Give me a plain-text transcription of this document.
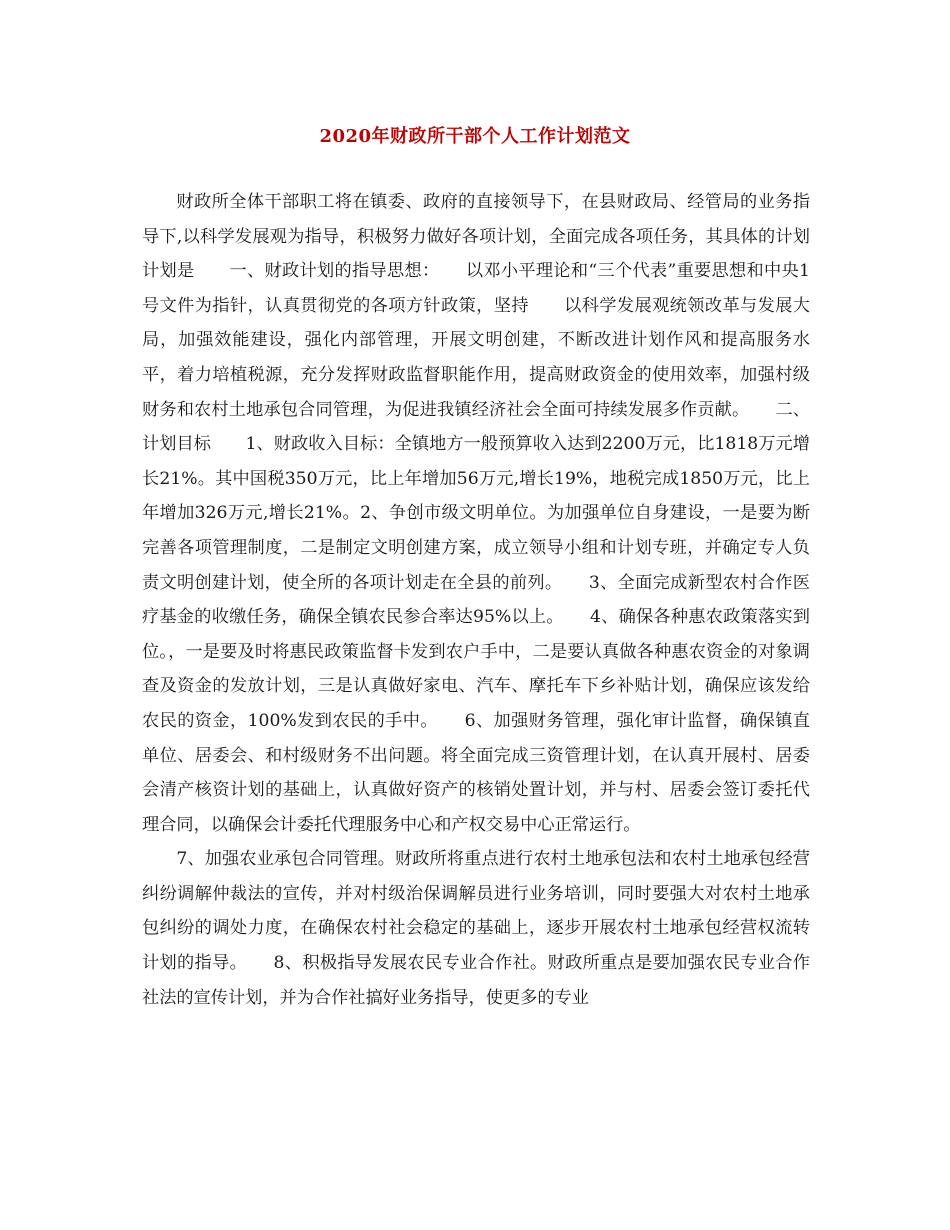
2020年财政所干部个人工作计划范文

财政所全体干部职工将在镇委、政府的直接领导下，在县财政局、经管局的业务指导下,以科学发展观为指导，积极努力做好各项计划，全面完成各项任务，其具体的计划计划是　　一、财政计划的指导思想：　　以邓小平理论和“三个代表”重要思想和中央1号文件为指针，认真贯彻党的各项方针政策，坚持　　以科学发展观统领改革与发展大局，加强效能建设，强化内部管理，开展文明创建，不断改进计划作风和提高服务水平，着力培植税源，充分发挥财政监督职能作用，提高财政资金的使用效率，加强村级财务和农村土地承包合同管理，为促进我镇经济社会全面可持续发展多作贡献。　　二、计划目标　　1、财政收入目标：全镇地方一般预算收入达到2200万元，比1818万元增长21%。其中国税350万元，比上年增加56万元,增长19%，地税完成1850万元，比上年增加326万元,增长21%。2、争创市级文明单位。为加强单位自身建设，一是要为断完善各项管理制度，二是制定文明创建方案，成立领导小组和计划专班，并确定专人负责文明创建计划，使全所的各项计划走在全县的前列。　　3、全面完成新型农村合作医疗基金的收缴任务，确保全镇农民参合率达95%以上。　　4、确保各种惠农政策落实到位。，一是要及时将惠民政策监督卡发到农户手中，二是要认真做各种惠农资金的对象调查及资金的发放计划，三是认真做好家电、汽车、摩托车下乡补贴计划，确保应该发给农民的资金，100%发到农民的手中。　　6、加强财务管理，强化审计监督，确保镇直单位、居委会、和村级财务不出问题。将全面完成三资管理计划，在认真开展村、居委会清产核资计划的基础上，认真做好资产的核销处置计划，并与村、居委会签订委托代理合同，以确保会计委托代理服务中心和产权交易中心正常运行。

7、加强农业承包合同管理。财政所将重点进行农村土地承包法和农村土地承包经营纠纷调解仲裁法的宣传，并对村级治保调解员进行业务培训，同时要强大对农村土地承包纠纷的调处力度，在确保农村社会稳定的基础上，逐步开展农村土地承包经营权流转计划的指导。　　8、积极指导发展农民专业合作社。财政所重点是要加强农民专业合作社法的宣传计划，并为合作社搞好业务指导，使更多的专业
